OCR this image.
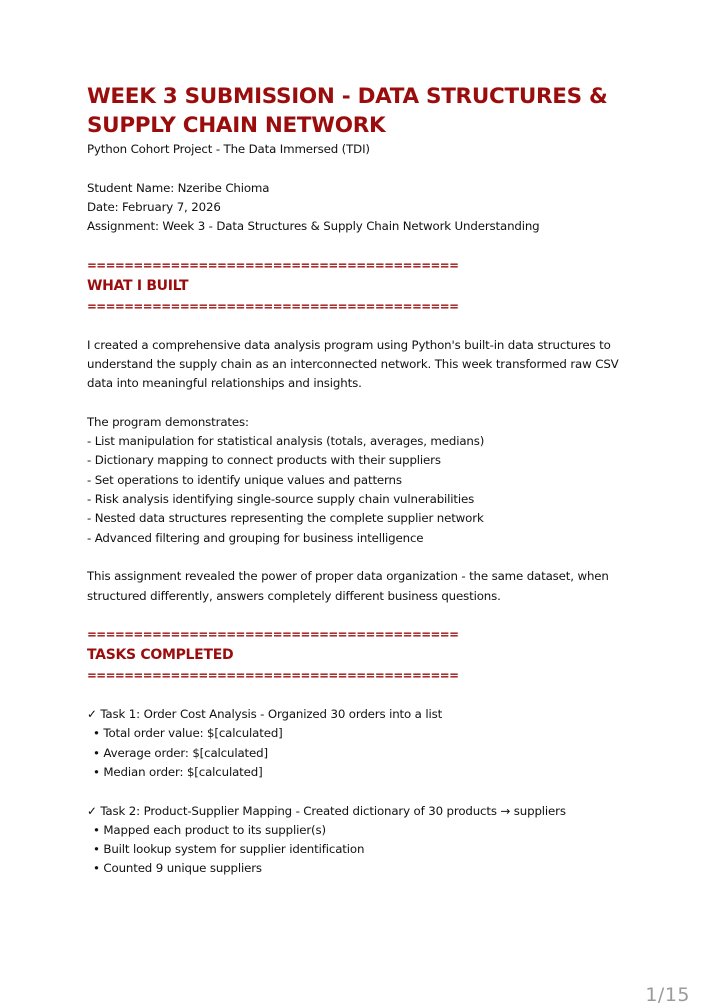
WEEK 3 SUBMISSION - DATA STRUCTURES & SUPPLY CHAIN NETWORK
Python Cohort Project - The Data Immersed (TDI)
Student Name: Nzeribe Chioma
Date: February 7, 2026
Assignment: Week 3 - Data Structures & Supply Chain Network Understanding
========================================
WHAT I BUILT
========================================
I created a comprehensive data analysis program using Python's built-in data structures to
understand the supply chain as an interconnected network. This week transformed raw CSV
data into meaningful relationships and insights.
The program demonstrates:
- List manipulation for statistical analysis (totals, averages, medians)
- Dictionary mapping to connect products with their suppliers
- Set operations to identify unique values and patterns
- Risk analysis identifying single-source supply chain vulnerabilities
- Nested data structures representing the complete supplier network
- Advanced filtering and grouping for business intelligence
This assignment revealed the power of proper data organization - the same dataset, when
structured differently, answers completely different business questions.
========================================
TASKS COMPLETED
========================================
✓ Task 1: Order Cost Analysis - Organized 30 orders into a list
• Total order value: $[calculated]
• Average order: $[calculated]
• Median order: $[calculated]
✓ Task 2: Product-Supplier Mapping - Created dictionary of 30 products → suppliers
• Mapped each product to its supplier(s)
• Built lookup system for supplier identification
• Counted 9 unique suppliers
1/15
